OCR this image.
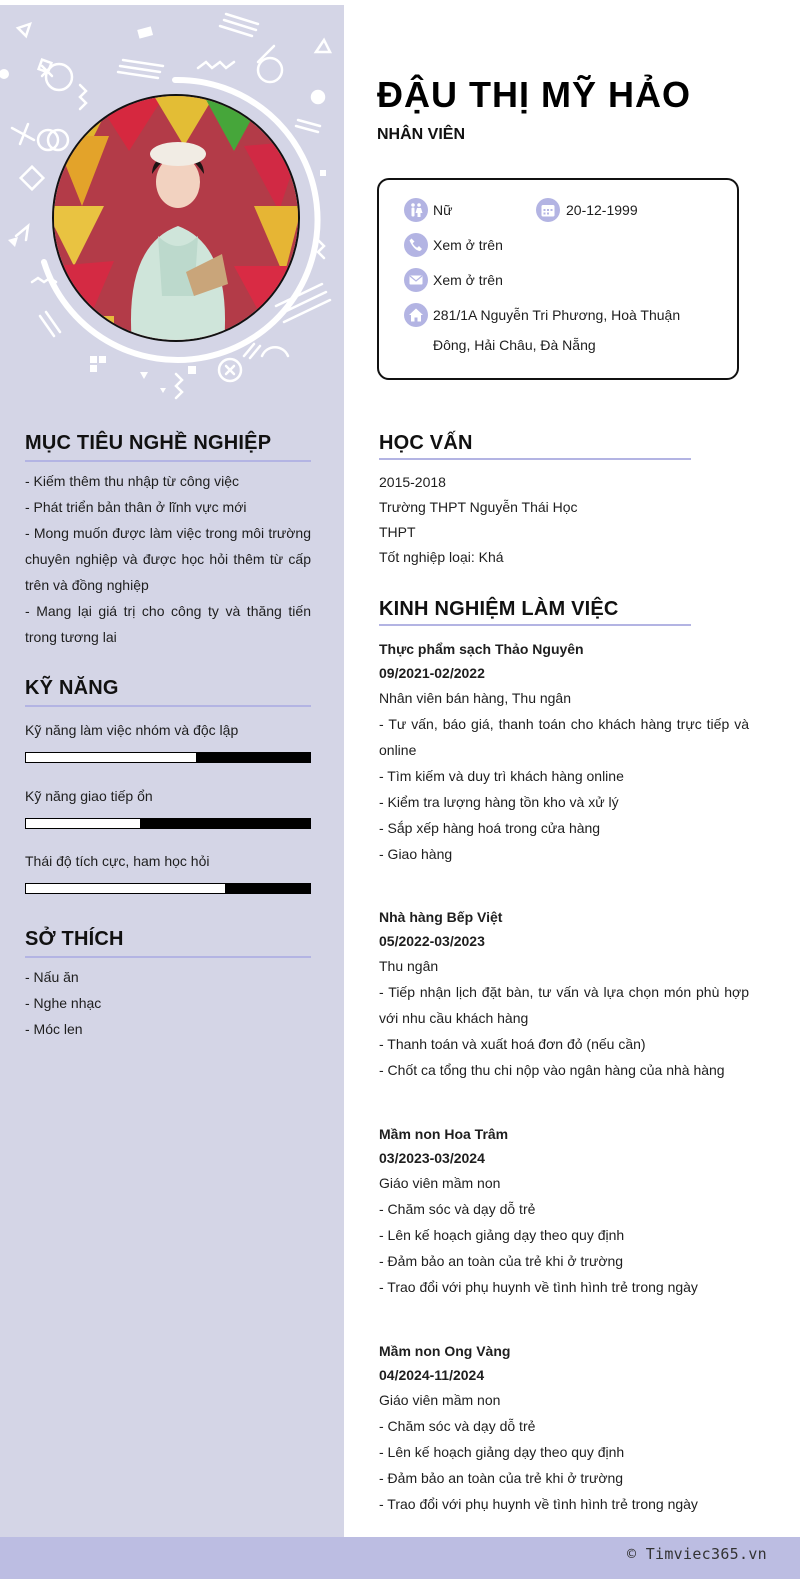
MỤC TIÊU NGHỀ NGHIỆP
- Kiếm thêm thu nhập từ công việc
- Phát triển bản thân ở lĩnh vực mới
- Mong muốn được làm việc trong môi trường chuyên nghiệp và được học hỏi thêm từ cấp trên và đồng nghiệp
- Mang lại giá trị cho công ty và thăng tiến trong tương lai
KỸ NĂNG
Kỹ năng làm việc nhóm và độc lập
Kỹ năng giao tiếp ổn
Thái độ tích cực, ham học hỏi
SỞ THÍCH
- Nấu ăn
- Nghe nhạc
- Móc len
ĐẬU THỊ MỸ HẢO
NHÂN VIÊN
Nữ	20-12-1999
Xem ở trên
Xem ở trên
281/1A Nguyễn Tri Phương, Hoà Thuận
Đông, Hải Châu, Đà Nẵng
HỌC VẤN
2015-2018
Trường THPT Nguyễn Thái Học
THPT
Tốt nghiệp loại: Khá
KINH NGHIỆM LÀM VIỆC
Thực phẩm sạch Thảo Nguyên
09/2021-02/2022
Nhân viên bán hàng, Thu ngân
- Tư vấn, báo giá, thanh toán cho khách hàng trực tiếp và online
- Tìm kiếm và duy trì khách hàng online
- Kiểm tra lượng hàng tồn kho và xử lý
- Sắp xếp hàng hoá trong cửa hàng
- Giao hàng
Nhà hàng Bếp Việt
05/2022-03/2023
Thu ngân
- Tiếp nhận lịch đặt bàn, tư vấn và lựa chọn món phù hợp với nhu cầu khách hàng
- Thanh toán và xuất hoá đơn đỏ (nếu cần)
- Chốt ca tổng thu chi nộp vào ngân hàng của nhà hàng
Mầm non Hoa Trâm
03/2023-03/2024
Giáo viên mầm non
- Chăm sóc và dạy dỗ trẻ
- Lên kế hoạch giảng dạy theo quy định
- Đảm bảo an toàn của trẻ khi ở trường
- Trao đổi với phụ huynh về tình hình trẻ trong ngày
Mầm non Ong Vàng
04/2024-11/2024
Giáo viên mầm non
- Chăm sóc và dạy dỗ trẻ
- Lên kế hoạch giảng dạy theo quy định
- Đảm bảo an toàn của trẻ khi ở trường
- Trao đổi với phụ huynh về tình hình trẻ trong ngày
© Timviec365.vn
